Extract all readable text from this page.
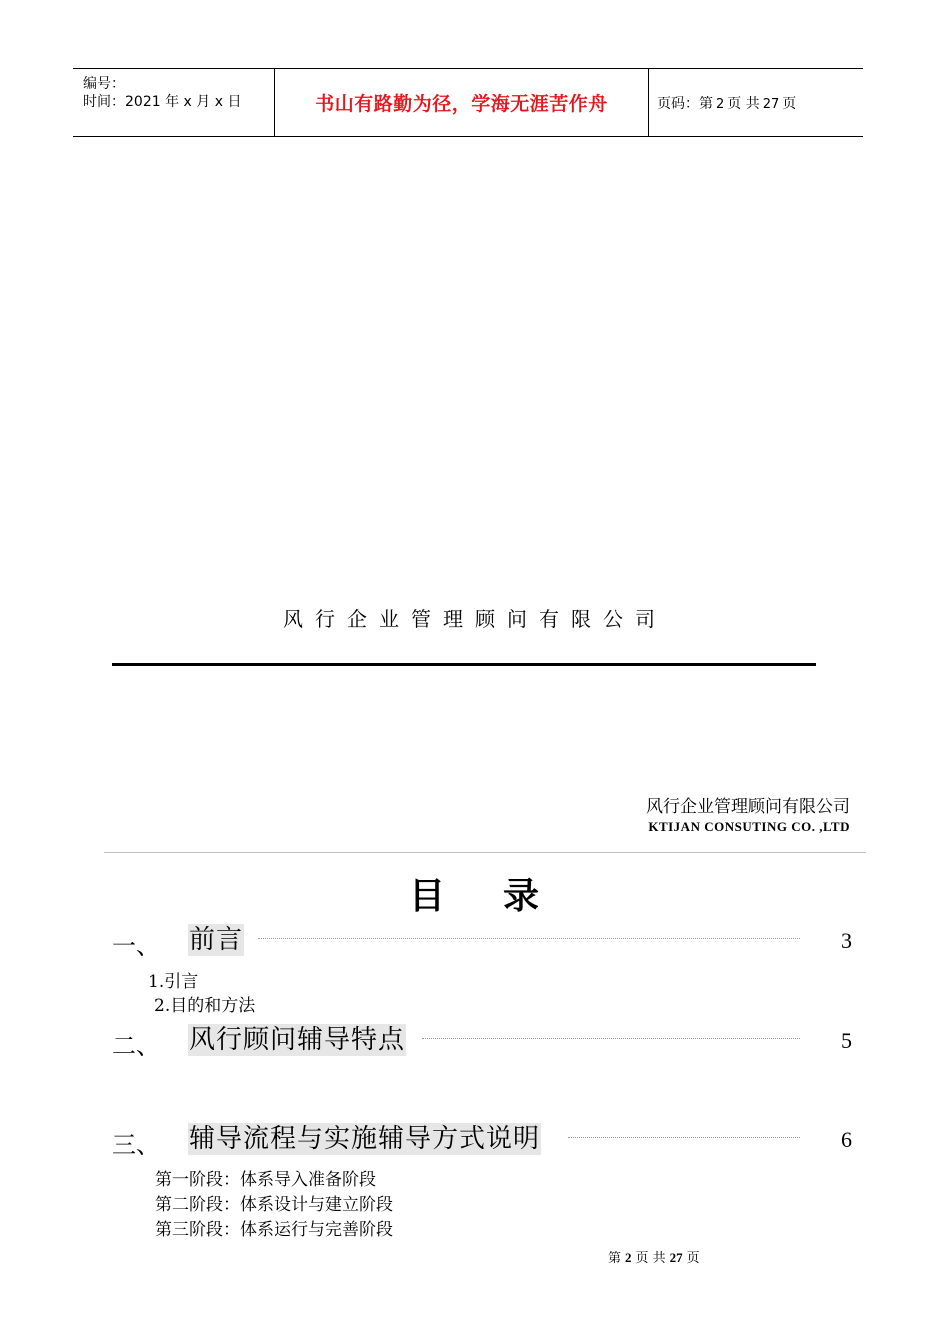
编号：
时间：2021 年 x 月 x 日	书山有路勤为径，学海无涯苦作舟	页码：第 2 页 共 27 页
风行企业管理顾问有限公司
风行企业管理顾问有限公司
KTIJAN CONSUTING CO. ,LTD
目 录
一、 前言	3
1.引言
2.目的和方法
二、 风行顾问辅导特点	5
三、 辅导流程与实施辅导方式说明	6
第一阶段：体系导入准备阶段
第二阶段：体系设计与建立阶段
第三阶段：体系运行与完善阶段
第 2 页 共 27 页
